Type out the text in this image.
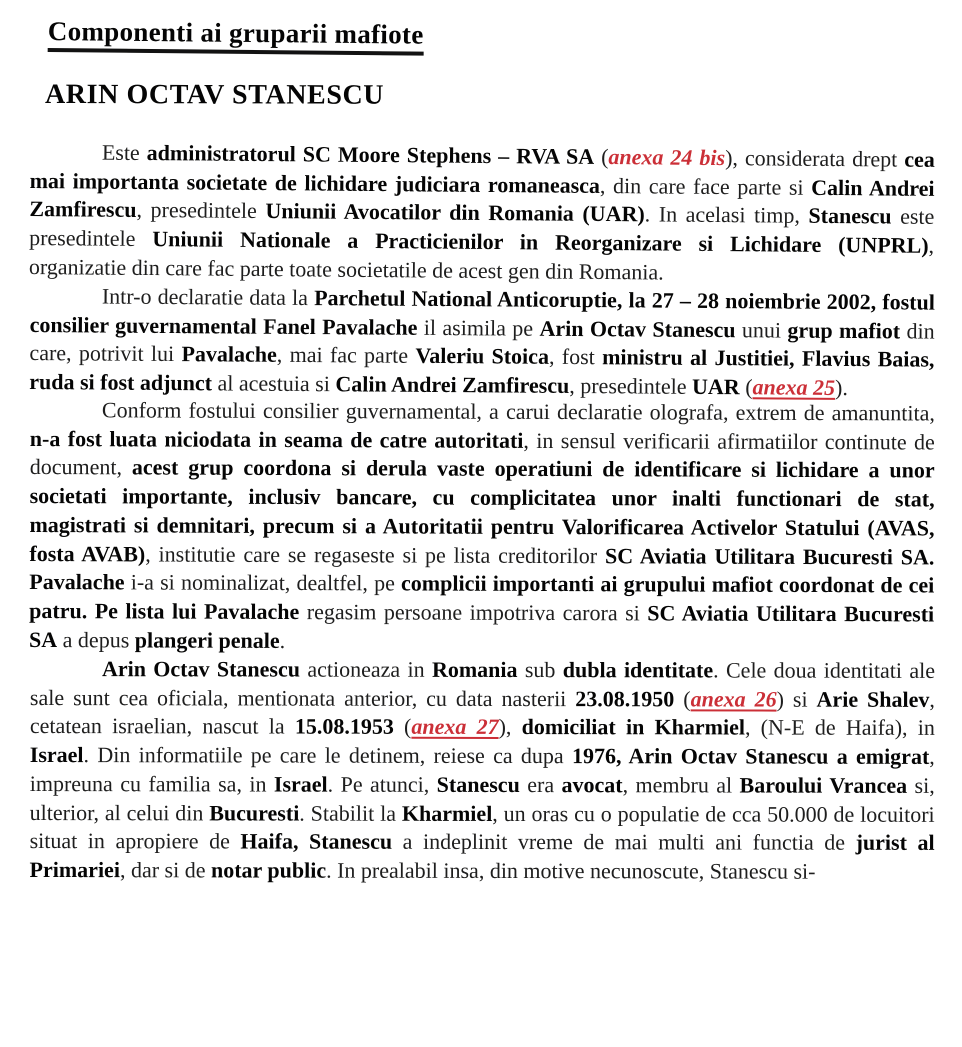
Componenti ai gruparii mafiote
ARIN OCTAV STANESCU

Este administratorul SC Moore Stephens – RVA SA (anexa 24 bis), considerata drept cea mai importanta societate de lichidare judiciara romaneasca, din care face parte si Calin Andrei Zamfirescu, presedintele Uniunii Avocatilor din Romania (UAR). In acelasi timp, Stanescu este presedintele Uniunii Nationale a Practicienilor in Reorganizare si Lichidare (UNPRL), organizatie din care fac parte toate societatile de acest gen din Romania.

Intr-o declaratie data la Parchetul National Anticoruptie, la 27 – 28 noiembrie 2002, fostul consilier guvernamental Fanel Pavalache il asimila pe Arin Octav Stanescu unui grup mafiot din care, potrivit lui Pavalache, mai fac parte Valeriu Stoica, fost ministru al Justitiei, Flavius Baias, ruda si fost adjunct al acestuia si Calin Andrei Zamfirescu, presedintele UAR (anexa 25).

Conform fostului consilier guvernamental, a carui declaratie olografa, extrem de amanuntita, n-a fost luata niciodata in seama de catre autoritati, in sensul verificarii afirmatiilor continute de document, acest grup coordona si derula vaste operatiuni de identificare si lichidare a unor societati importante, inclusiv bancare, cu complicitatea unor inalti functionari de stat, magistrati si demnitari, precum si a Autoritatii pentru Valorificarea Activelor Statului (AVAS, fosta AVAB), institutie care se regaseste si pe lista creditorilor SC Aviatia Utilitara Bucuresti SA. Pavalache i-a si nominalizat, dealtfel, pe complicii importanti ai grupului mafiot coordonat de cei patru. Pe lista lui Pavalache regasim persoane impotriva carora si SC Aviatia Utilitara Bucuresti SA a depus plangeri penale.

Arin Octav Stanescu actioneaza in Romania sub dubla identitate. Cele doua identitati ale sale sunt cea oficiala, mentionata anterior, cu data nasterii 23.08.1950 (anexa 26) si Arie Shalev, cetatean israelian, nascut la 15.08.1953 (anexa 27), domiciliat in Kharmiel, (N-E de Haifa), in Israel. Din informatiile pe care le detinem, reiese ca dupa 1976, Arin Octav Stanescu a emigrat, impreuna cu familia sa, in Israel. Pe atunci, Stanescu era avocat, membru al Baroului Vrancea si, ulterior, al celui din Bucuresti. Stabilit la Kharmiel, un oras cu o populatie de cca 50.000 de locuitori situat in apropiere de Haifa, Stanescu a indeplinit vreme de mai multi ani functia de jurist al Primariei, dar si de notar public. In prealabil insa, din motive necunoscute, Stanescu si-
